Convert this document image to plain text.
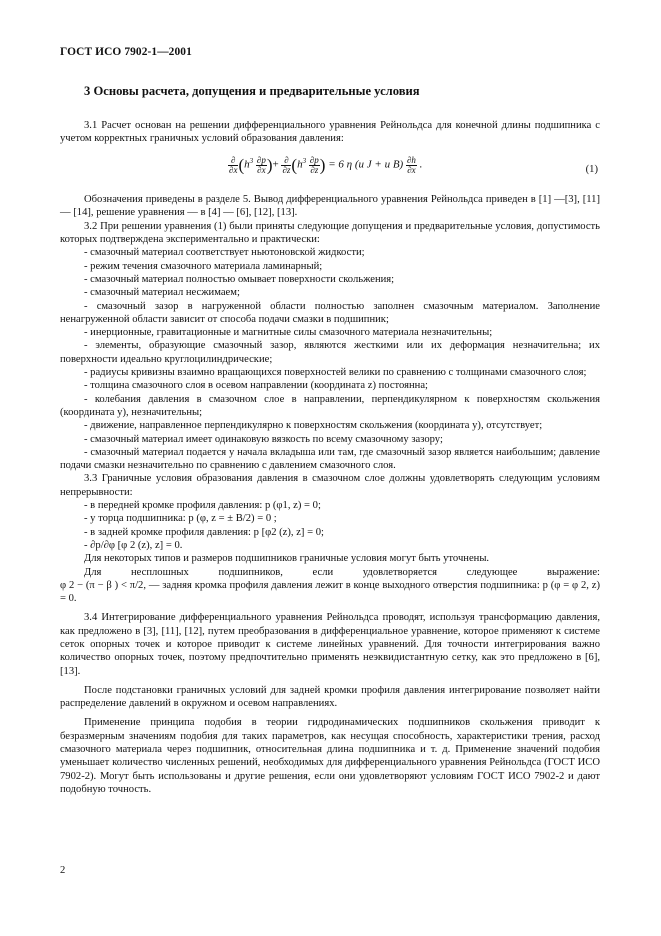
ГОСТ ИСО 7902-1—2001
3 Основы расчета, допущения и предварительные условия

3.1 Расчет основан на решении дифференциального уравнения Рейнольдса для конечной длины подшипника с учетом корректных граничных условий образования давления:

$\frac{\partial}{\partial x} (h^3 \frac{\partial p}{\partial x}$ )+ $\frac{\partial}{\partial z} (h^3 \frac{\partial p}{\partial z}$ ) = 6 η (u J + u $B) \frac{\partial h}{\partial x}$ .	(1)

Обозначения приведены в разделе 5. Вывод дифференциального уравнения Рейнольдса приведен в [1] —[3], [11] — [14], решение уравнения — в [4] — [6], [12], [13].

3.2 При решении уравнения (1) были приняты следующие допущения и предварительные условия, допустимость которых подтверждена экспериментально и практически:

- смазочный материал соответствует ньютоновской жидкости;

- режим течения смазочного материала ламинарный;

- смазочный материал полностью омывает поверхности скольжения;

- смазочный материал несжимаем;

- смазочный зазор в нагруженной области полностью заполнен смазочным материалом. Заполнение ненагруженной области зависит от способа подачи смазки в подшипник;

- инерционные, гравитационные и магнитные силы смазочного материала незначительны;

- элементы, образующие смазочный зазор, являются жесткими или их деформация незначительна; их поверхности идеально круглоцилиндрические;

- радиусы кривизны взаимно вращающихся поверхностей велики по сравнению с толщинами смазочного слоя;

- толщина смазочного слоя в осевом направлении (координата z) постоянна;

- колебания давления в смазочном слое в направлении, перпендикулярном к поверхностям скольжения (координата y), незначительны;

- движение, направленное перпендикулярно к поверхностям скольжения (координата y), отсутствует;

- смазочный материал имеет одинаковую вязкость по всему смазочному зазору;

- смазочный материал подается у начала вкладыша или там, где смазочный зазор является наибольшим; давление подачи смазки незначительно по сравнению с давлением смазочного слоя.

3.3 Граничные условия образования давления в смазочном слое должны удовлетворять следующим условиям непрерывности:

- в передней кромке профиля давления: p (φ1, z) = 0;

- у торца подшипника: p (φ, z = ± B/2) = 0 ;

- в задней кромке профиля давления: p [φ2 (z), z] = 0;

- ∂p/∂φ [φ 2 (z), z] = 0.

Для некоторых типов и размеров подшипников граничные условия могут быть уточнены.

Для несплошных подшипников, если удовлетворяется следующее выражение:

φ 2 − (π − β ) < π/2, — задняя кромка профиля давления лежит в конце выходного отверстия подшипника: p (φ = φ 2, z) = 0.

3.4 Интегрирование дифференциального уравнения Рейнольдса проводят, используя трансформацию давления, как предложено в [3], [11], [12], путем преобразования в дифференциальное уравнение, которое применяют к системе сеток опорных точек и которое приводит к системе линейных уравнений. Для точности интегрирования важно количество опорных точек, поэтому предпочтительно применять неэквидистантную сетку, как это предложено в [6], [13].

После подстановки граничных условий для задней кромки профиля давления интегрирование позволяет найти распределение давлений в окружном и осевом направлениях.

Применение принципа подобия в теории гидродинамических подшипников скольжения приводит к безразмерным значениям подобия для таких параметров, как несущая способность, характеристики трения, расход смазочного материала через подшипник, относительная длина подшипника и т. д. Применение значений подобия уменьшает количество численных решений, необходимых для дифференциального уравнения Рейнольдса (ГОСТ ИСО 7902-2). Могут быть использованы и другие решения, если они удовлетворяют условиям ГОСТ ИСО 7902-2 и дают подобную точность.

2
